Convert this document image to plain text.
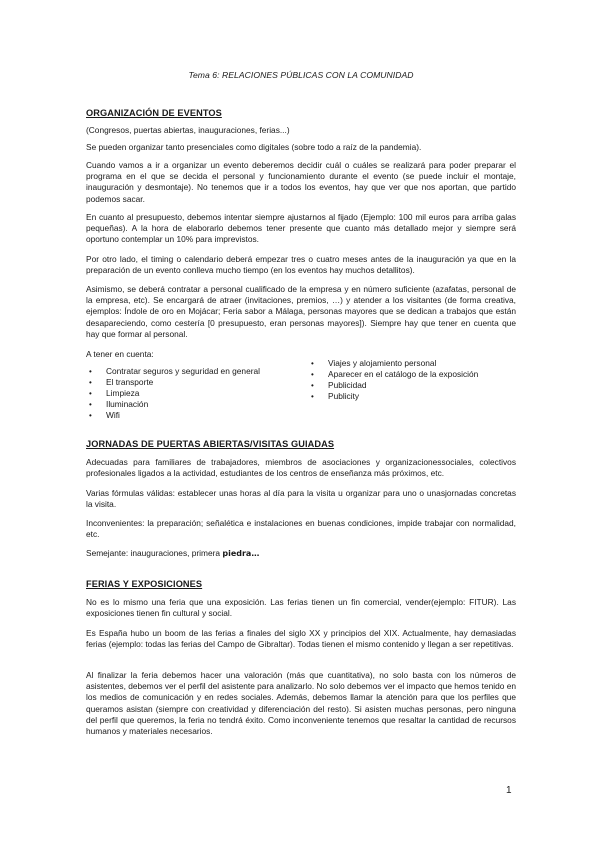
Tema 6: RELACIONES PÚBLICAS CON LA COMUNIDAD
ORGANIZACIÓN DE EVENTOS
(Congresos, puertas abiertas, inauguraciones, ferias...)
Se pueden organizar tanto presenciales como digitales (sobre todo a raíz de la pandemia).
Cuando vamos a ir a organizar un evento deberemos decidir cuál o cuáles se realizará para poder preparar el programa en el que se decida el personal y funcionamiento durante el evento (se puede incluir el montaje, inauguración y desmontaje). No tenemos que ir a todos los eventos, hay que ver que nos aportan, que partido podemos sacar.
En cuanto al presupuesto, debemos intentar siempre ajustarnos al fijado (Ejemplo: 100 mil euros para arriba galas pequeñas). A la hora de elaborarlo debemos tener presente que cuanto más detallado mejor y siempre será oportuno contemplar un 10% para imprevistos.
Por otro lado, el timing o calendario deberá empezar tres o cuatro meses antes de la inauguración ya que en la preparación de un evento conlleva mucho tiempo (en los eventos hay muchos detallitos).
Asimismo, se deberá contratar a personal cualificado de la empresa y en número suficiente (azafatas, personal de la empresa, etc). Se encargará de atraer (invitaciones, premios, …) y atender a los visitantes (de forma creativa, ejemplos: Índole de oro en Mojácar; Feria sabor a Málaga, personas mayores que se dedican a trabajos que están desapareciendo, como cestería [0 presupuesto, eran personas mayores]). Siempre hay que tener en cuenta que hay que formar al personal.
A tener en cuenta:
• Contratar seguros y seguridad en general
• El transporte
• Limpieza
• Iluminación
• Wifi
• Viajes y alojamiento personal
• Aparecer en el catálogo de la exposición
• Publicidad
• Publicity
JORNADAS DE PUERTAS ABIERTAS/VISITAS GUIADAS
Adecuadas para familiares de trabajadores, miembros de asociaciones y organizacionessociales, colectivos profesionales ligados a la actividad, estudiantes de los centros de enseñanza más próximos, etc.
Varias fórmulas válidas: establecer unas horas al día para la visita u organizar para uno o unasjornadas concretas la visita.
Inconvenientes: la preparación; señalética e instalaciones en buenas condiciones, impide trabajar con normalidad, etc.
Semejante: inauguraciones, primera piedra…
FERIAS Y EXPOSICIONES
No es lo mismo una feria que una exposición. Las ferias tienen un fin comercial, vender(ejemplo: FITUR). Las exposiciones tienen fin cultural y social.
Es España hubo un boom de las ferias a finales del siglo XX y principios del XIX. Actualmente, hay demasiadas ferias (ejemplo: todas las ferias del Campo de Gibraltar). Todas tienen el mismo contenido y llegan a ser repetitivas.
Al finalizar la feria debemos hacer una valoración (más que cuantitativa), no solo basta con los números de asistentes, debemos ver el perfil del asistente para analizarlo. No solo debemos ver el impacto que hemos tenido en los medios de comunicación y en redes sociales. Además, debemos llamar la atención para que los perfiles que queramos asistan (siempre con creatividad y diferenciación del resto). Si asisten muchas personas, pero ninguna del perfil que queremos, la feria no tendrá éxito. Como inconveniente tenemos que resaltar la cantidad de recursos humanos y materiales necesarios.
1
